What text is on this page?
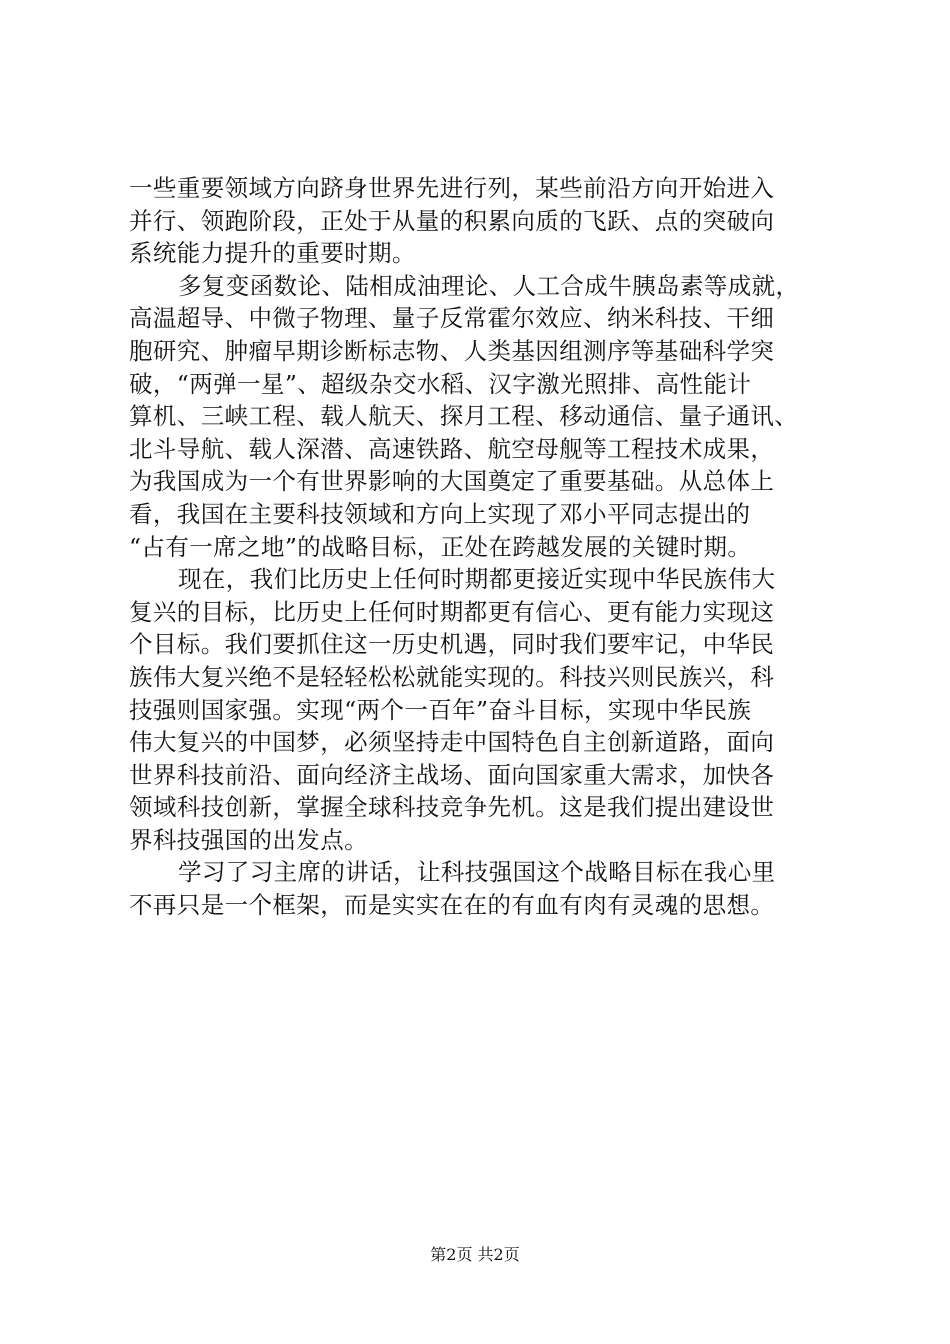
一些重要领域方向跻身世界先进行列，某些前沿方向开始进入
并行、领跑阶段，正处于从量的积累向质的飞跃、点的突破向
系统能力提升的重要时期。
多复变函数论、陆相成油理论、人工合成牛胰岛素等成就，
高温超导、中微子物理、量子反常霍尔效应、纳米科技、干细
胞研究、肿瘤早期诊断标志物、人类基因组测序等基础科学突
破，“两弹一星”、超级杂交水稻、汉字激光照排、高性能计
算机、三峡工程、载人航天、探月工程、移动通信、量子通讯、
北斗导航、载人深潜、高速铁路、航空母舰等工程技术成果，
为我国成为一个有世界影响的大国奠定了重要基础。从总体上
看，我国在主要科技领域和方向上实现了邓小平同志提出的
“占有一席之地”的战略目标，正处在跨越发展的关键时期。
现在，我们比历史上任何时期都更接近实现中华民族伟大
复兴的目标，比历史上任何时期都更有信心、更有能力实现这
个目标。我们要抓住这一历史机遇，同时我们要牢记，中华民
族伟大复兴绝不是轻轻松松就能实现的。科技兴则民族兴，科
技强则国家强。实现“两个一百年”奋斗目标，实现中华民族
伟大复兴的中国梦，必须坚持走中国特色自主创新道路，面向
世界科技前沿、面向经济主战场、面向国家重大需求，加快各
领域科技创新，掌握全球科技竞争先机。这是我们提出建设世
界科技强国的出发点。
学习了习主席的讲话，让科技强国这个战略目标在我心里
不再只是一个框架，而是实实在在的有血有肉有灵魂的思想。
第2页 共2页
